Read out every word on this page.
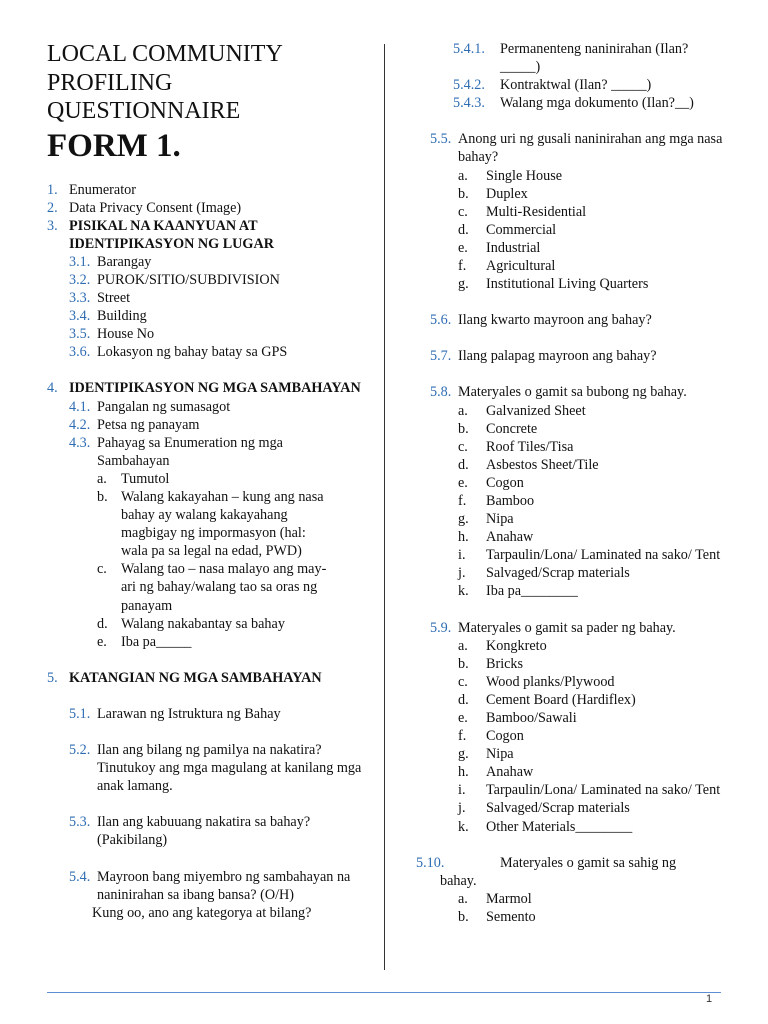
LOCAL COMMUNITY
PROFILING
QUESTIONNAIRE
FORM 1.
1. Enumerator
2. Data Privacy Consent (Image)
3. PISIKAL NA KAANYUAN AT IDENTIPIKASYON NG LUGAR
3.1. Barangay
3.2. PUROK/SITIO/SUBDIVISION
3.3. Street
3.4. Building
3.5. House No
3.6. Lokasyon ng bahay batay sa GPS
4. IDENTIPIKASYON NG MGA SAMBAHAYAN
4.1. Pangalan ng sumasagot
4.2. Petsa ng panayam
4.3. Pahayag sa Enumeration ng mga Sambahayan
a. Tumutol
b. Walang kakayahan – kung ang nasa bahay ay walang kakayahang magbigay ng impormasyon (hal: wala pa sa legal na edad, PWD)
c. Walang tao – nasa malayo ang may-ari ng bahay/walang tao sa oras ng panayam
d. Walang nakabantay sa bahay
e. Iba pa_____
5. KATANGIAN NG MGA SAMBAHAYAN
5.1. Larawan ng Istruktura ng Bahay
5.2. Ilan ang bilang ng pamilya na nakatira? Tinutukoy ang mga magulang at kanilang mga anak lamang.
5.3. Ilan ang kabuuang nakatira sa bahay? (Pakibilang)
5.4. Mayroon bang miyembro ng sambahayan na naninirahan sa ibang bansa? (O/H)
Kung oo, ano ang kategorya at bilang?
5.4.1. Permanenteng naninirahan (Ilan? _____)
5.4.2. Kontraktwal (Ilan? _____)
5.4.3. Walang mga dokumento (Ilan?__)
5.5. Anong uri ng gusali naninirahan ang mga nasa bahay?
a. Single House
b. Duplex
c. Multi-Residential
d. Commercial
e. Industrial
f. Agricultural
g. Institutional Living Quarters
5.6. Ilang kwarto mayroon ang bahay?
5.7. Ilang palapag mayroon ang bahay?
5.8. Materyales o gamit sa bubong ng bahay.
a. Galvanized Sheet
b. Concrete
c. Roof Tiles/Tisa
d. Asbestos Sheet/Tile
e. Cogon
f. Bamboo
g. Nipa
h. Anahaw
i. Tarpaulin/Lona/ Laminated na sako/ Tent
j. Salvaged/Scrap materials
k. Iba pa________
5.9. Materyales o gamit sa pader ng bahay.
a. Kongkreto
b. Bricks
c. Wood planks/Plywood
d. Cement Board (Hardiflex)
e. Bamboo/Sawali
f. Cogon
g. Nipa
h. Anahaw
i. Tarpaulin/Lona/ Laminated na sako/ Tent
j. Salvaged/Scrap materials
k. Other Materials________
5.10.	Materyales o gamit sa sahig ng bahay.
a. Marmol
b. Semento
1
